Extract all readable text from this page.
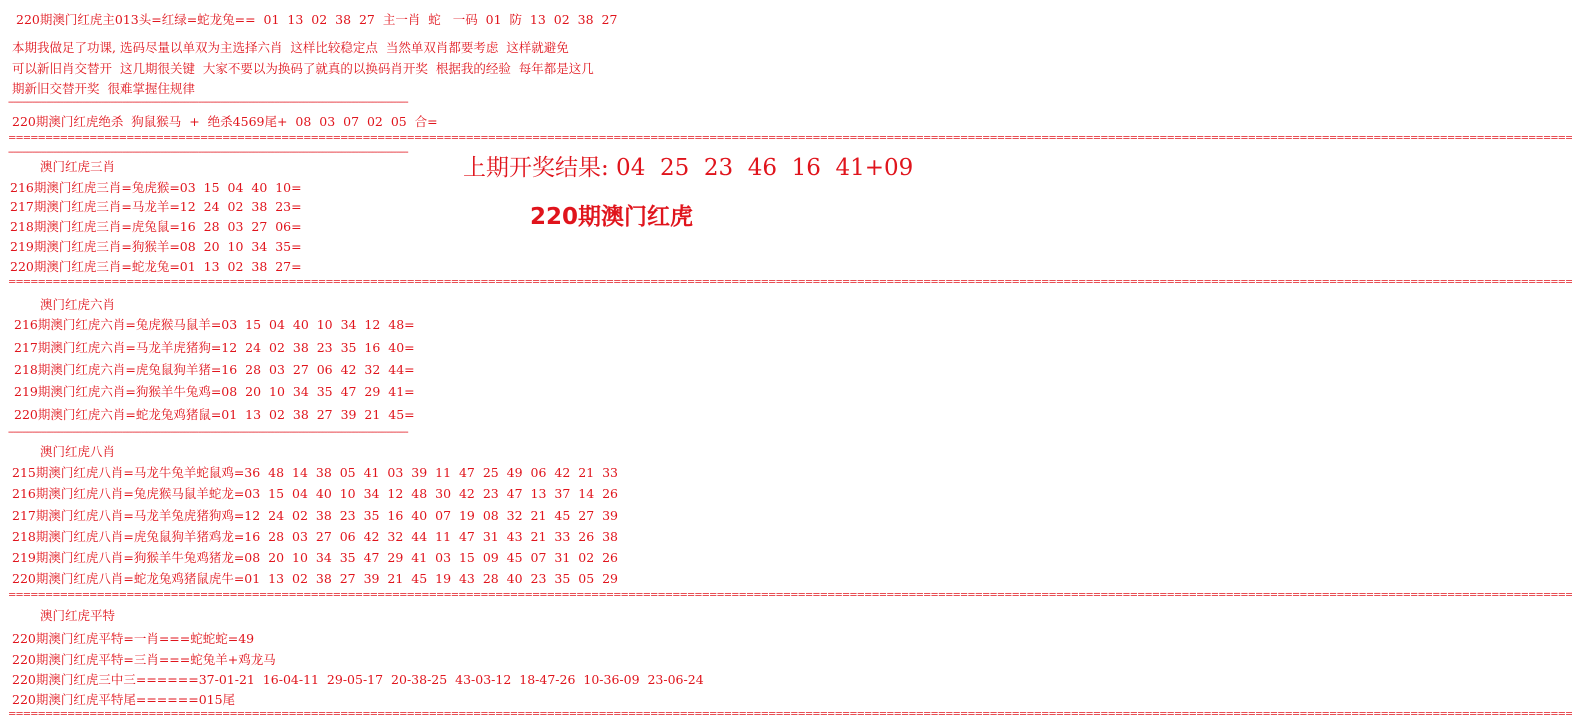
220期澳门红虎主013头=红绿=蛇龙兔==  01  13  02  38  27  主一肖  蛇   一码  01  防  13  02  38  27
本期我做足了功课, 选码尽量以单双为主选择六肖  这样比较稳定点  当然单双肖都要考虑  这样就避免
可以新旧肖交替开  这几期很关键  大家不要以为换码了就真的以换码肖开奖  根据我的经验  每年都是这几
期新旧交替开奖  很难掌握住规律
------------------------------------------------------------------------------------------------------------------------------------------------------------------------
220期澳门红虎绝杀  狗鼠猴马  +  绝杀4569尾+  08  03  07  02  05  合=
====================================================================================================================================================================================================================
------------------------------------------------------------------------------------------------------------------------------------------------------------------------
上期开奖结果: 04  25  23  46  16  41+09
220期澳门红虎
澳门红虎三肖
216期澳门红虎三肖=兔虎猴=03  15  04  40  10=
217期澳门红虎三肖=马龙羊=12  24  02  38  23=
218期澳门红虎三肖=虎兔鼠=16  28  03  27  06=
219期澳门红虎三肖=狗猴羊=08  20  10  34  35=
220期澳门红虎三肖=蛇龙兔=01  13  02  38  27=
====================================================================================================================================================================================================================
澳门红虎六肖
216期澳门红虎六肖=兔虎猴马鼠羊=03  15  04  40  10  34  12  48=
217期澳门红虎六肖=马龙羊虎猪狗=12  24  02  38  23  35  16  40=
218期澳门红虎六肖=虎兔鼠狗羊猪=16  28  03  27  06  42  32  44=
219期澳门红虎六肖=狗猴羊牛兔鸡=08  20  10  34  35  47  29  41=
220期澳门红虎六肖=蛇龙兔鸡猪鼠=01  13  02  38  27  39  21  45=
------------------------------------------------------------------------------------------------------------------------------------------------------------------------
澳门红虎八肖
215期澳门红虎八肖=马龙牛兔羊蛇鼠鸡=36  48  14  38  05  41  03  39  11  47  25  49  06  42  21  33
216期澳门红虎八肖=兔虎猴马鼠羊蛇龙=03  15  04  40  10  34  12  48  30  42  23  47  13  37  14  26
217期澳门红虎八肖=马龙羊兔虎猪狗鸡=12  24  02  38  23  35  16  40  07  19  08  32  21  45  27  39
218期澳门红虎八肖=虎兔鼠狗羊猪鸡龙=16  28  03  27  06  42  32  44  11  47  31  43  21  33  26  38
219期澳门红虎八肖=狗猴羊牛兔鸡猪龙=08  20  10  34  35  47  29  41  03  15  09  45  07  31  02  26
220期澳门红虎八肖=蛇龙兔鸡猪鼠虎牛=01  13  02  38  27  39  21  45  19  43  28  40  23  35  05  29
====================================================================================================================================================================================================================
澳门红虎平特
220期澳门红虎平特=一肖===蛇蛇蛇=49
220期澳门红虎平特=三肖===蛇兔羊+鸡龙马
220期澳门红虎三中三======37-01-21  16-04-11  29-05-17  20-38-25  43-03-12  18-47-26  10-36-09  23-06-24
220期澳门红虎平特尾======015尾
====================================================================================================================================================================================================================
